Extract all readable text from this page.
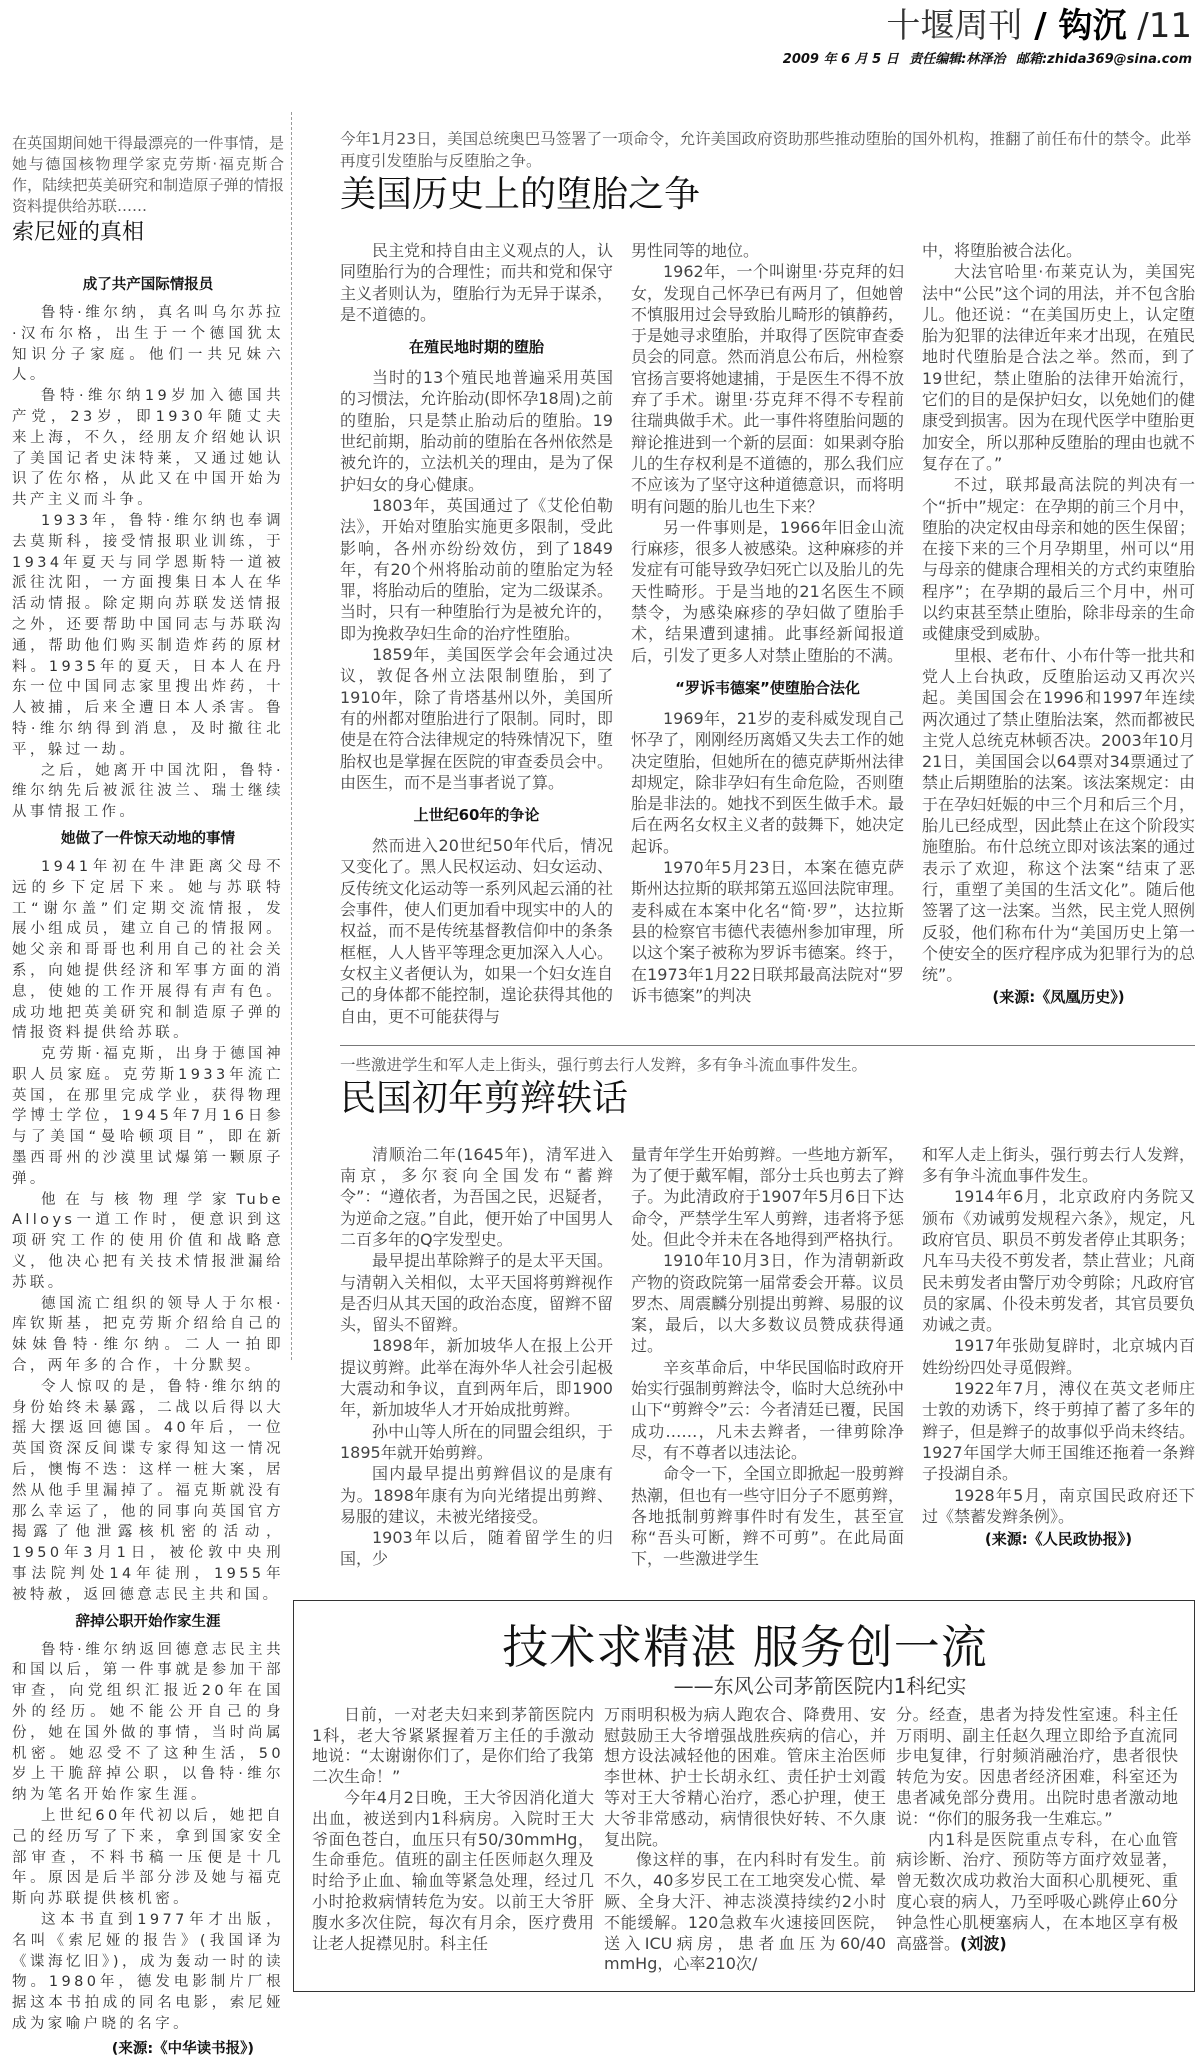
十堰周刊 / 钩沉 /11
2009 年 6 月 5 日 责任编辑:林泽治 邮箱:zhida369@sina.com
在英国期间她干得最漂亮的一件事情，是她与德国核物理学家克劳斯·福克斯合作，陆续把英美研究和制造原子弹的情报资料提供给苏联……
索尼娅的真相
成了共产国际情报员

鲁特·维尔纳，真名叫乌尔苏拉·汉布尔格，出生于一个德国犹太知识分子家庭。他们一共兄妹六人。

鲁特·维尔纳19岁加入德国共产党，23岁，即1930年随丈夫来上海，不久，经朋友介绍她认识了美国记者史沫特莱，又通过她认识了佐尔格，从此又在中国开始为共产主义而斗争。

1933年，鲁特·维尔纳也奉调去莫斯科，接受情报职业训练，于1934年夏天与同学恩斯特一道被派往沈阳，一方面搜集日本人在华活动情报。除定期向苏联发送情报之外，还要帮助中国同志与苏联沟通，帮助他们购买制造炸药的原材料。1935年的夏天，日本人在丹东一位中国同志家里搜出炸药，十人被捕，后来全遭日本人杀害。鲁特·维尔纳得到消息，及时撤往北平，躲过一劫。

之后，她离开中国沈阳，鲁特·维尔纳先后被派往波兰、瑞士继续从事情报工作。

她做了一件惊天动地的事情

1941年初在牛津距离父母不远的乡下定居下来。她与苏联特工“谢尔盖”们定期交流情报，发展小组成员，建立自己的情报网。她父亲和哥哥也利用自己的社会关系，向她提供经济和军事方面的消息，使她的工作开展得有声有色。成功地把英美研究和制造原子弹的情报资料提供给苏联。

克劳斯·福克斯，出身于德国神职人员家庭。克劳斯1933年流亡英国，在那里完成学业，获得物理学博士学位，1945年7月16日参与了美国“曼哈顿项目”，即在新墨西哥州的沙漠里试爆第一颗原子弹。

他在与核物理学家Tube Alloys一道工作时，便意识到这项研究工作的使用价值和战略意义，他决心把有关技术情报泄漏给苏联。

德国流亡组织的领导人于尔根·库钦斯基，把克劳斯介绍给自己的妹妹鲁特·维尔纳。二人一拍即合，两年多的合作，十分默契。

令人惊叹的是，鲁特·维尔纳的身份始终未暴露，二战以后得以大摇大摆返回德国。40年后，一位英国资深反间谍专家得知这一情况后，懊悔不迭：这样一桩大案，居然从他手里漏掉了。福克斯就没有那么幸运了，他的同事向英国官方揭露了他泄露核机密的活动，1950年3月1日，被伦敦中央刑事法院判处14年徒刑，1955年被特赦，返回德意志民主共和国。

辞掉公职开始作家生涯

鲁特·维尔纳返回德意志民主共和国以后，第一件事就是参加干部审查，向党组织汇报近20年在国外的经历。她不能公开自己的身份，她在国外做的事情，当时尚属机密。她忍受不了这种生活，50岁上干脆辞掉公职，以鲁特·维尔纳为笔名开始作家生涯。

上世纪60年代初以后，她把自己的经历写了下来，拿到国家安全部审查，不料书稿一压便是十几年。原因是后半部分涉及她与福克斯向苏联提供核机密。

这本书直到1977年才出版，名叫《索尼娅的报告》(我国译为《谍海忆旧》)，成为轰动一时的读物。1980年，德发电影制片厂根据这本书拍成的同名电影，索尼娅成为家喻户晓的名字。

(来源:《中华读书报》)
今年1月23日，美国总统奥巴马签署了一项命令，允许美国政府资助那些推动堕胎的国外机构，推翻了前任布什的禁令。此举再度引发堕胎与反堕胎之争。
美国历史上的堕胎之争

民主党和持自由主义观点的人，认同堕胎行为的合理性；而共和党和保守主义者则认为，堕胎行为无异于谋杀，是不道德的。

在殖民地时期的堕胎

当时的13个殖民地普遍采用英国的习惯法，允许胎动(即怀孕18周)之前的堕胎，只是禁止胎动后的堕胎。19世纪前期，胎动前的堕胎在各州依然是被允许的，立法机关的理由，是为了保护妇女的身心健康。

1803年，英国通过了《艾伦伯勒法》，开始对堕胎实施更多限制，受此影响，各州亦纷纷效仿，到了1849年，有20个州将胎动前的堕胎定为轻罪，将胎动后的堕胎，定为二级谋杀。当时，只有一种堕胎行为是被允许的，即为挽救孕妇生命的治疗性堕胎。

1859年，美国医学会年会通过决议，敦促各州立法限制堕胎，到了1910年，除了肯塔基州以外，美国所有的州都对堕胎进行了限制。同时，即使是在符合法律规定的特殊情况下，堕胎权也是掌握在医院的审查委员会中。由医生，而不是当事者说了算。

上世纪60年的争论

然而进入20世纪50年代后，情况又变化了。黑人民权运动、妇女运动、反传统文化运动等一系列风起云涌的社会事件，使人们更加看中现实中的人的权益，而不是传统基督教信仰中的条条框框，人人皆平等理念更加深入人心。女权主义者便认为，如果一个妇女连自己的身体都不能控制，遑论获得其他的自由，更不可能获得与

男性同等的地位。

1962年，一个叫谢里·芬克拜的妇女，发现自己怀孕已有两月了，但她曾不慎服用过会导致胎儿畸形的镇静药，于是她寻求堕胎，并取得了医院审查委员会的同意。然而消息公布后，州检察官扬言要将她逮捕，于是医生不得不放弃了手术。谢里·芬克拜不得不专程前往瑞典做手术。此一事件将堕胎问题的辩论推进到一个新的层面：如果剥夺胎儿的生存权利是不道德的，那么我们应不应该为了坚守这种道德意识，而将明明有问题的胎儿也生下来？

另一件事则是，1966年旧金山流行麻疹，很多人被感染。这种麻疹的并发症有可能导致孕妇死亡以及胎儿的先天性畸形。于是当地的21名医生不顾禁令，为感染麻疹的孕妇做了堕胎手术，结果遭到逮捕。此事经新闻报道后，引发了更多人对禁止堕胎的不满。

“罗诉韦德案”使堕胎合法化

1969年，21岁的麦科威发现自己怀孕了，刚刚经历离婚又失去工作的她决定堕胎，但她所在的德克萨斯州法律却规定，除非孕妇有生命危险，否则堕胎是非法的。她找不到医生做手术。最后在两名女权主义者的鼓舞下，她决定起诉。

1970年5月23日，本案在德克萨斯州达拉斯的联邦第五巡回法院审理。麦科威在本案中化名“简·罗”，达拉斯县的检察官韦德代表德州参加审理，所以这个案子被称为罗诉韦德案。终于，在1973年1月22日联邦最高法院对“罗诉韦德案”的判决

中，将堕胎被合法化。

大法官哈里·布莱克认为，美国宪法中“公民”这个词的用法，并不包含胎儿。他还说：“在美国历史上，认定堕胎为犯罪的法律近年来才出现，在殖民地时代堕胎是合法之举。然而，到了19世纪，禁止堕胎的法律开始流行，它们的目的是保护妇女，以免她们的健康受到损害。因为在现代医学中堕胎更加安全，所以那种反堕胎的理由也就不复存在了。”

不过，联邦最高法院的判决有一个“折中”规定：在孕期的前三个月中，堕胎的决定权由母亲和她的医生保留；在接下来的三个月孕期里，州可以“用与母亲的健康合理相关的方式约束堕胎程序”；在孕期的最后三个月中，州可以约束甚至禁止堕胎，除非母亲的生命或健康受到威胁。

里根、老布什、小布什等一批共和党人上台执政，反堕胎运动又再次兴起。美国国会在1996和1997年连续两次通过了禁止堕胎法案，然而都被民主党人总统克林顿否决。2003年10月21日，美国国会以64票对34票通过了禁止后期堕胎的法案。该法案规定：由于在孕妇妊娠的中三个月和后三个月，胎儿已经成型，因此禁止在这个阶段实施堕胎。布什总统立即对该法案的通过表示了欢迎，称这个法案“结束了恶行，重塑了美国的生活文化”。随后他签署了这一法案。当然，民主党人照例反驳，他们称布什为“美国历史上第一个使安全的医疗程序成为犯罪行为的总统”。

(来源:《凤凰历史》)
一些激进学生和军人走上街头，强行剪去行人发辫，多有争斗流血事件发生。
民国初年剪辫轶话

清顺治二年(1645年)，清军进入南京，多尔衮向全国发布“蓄辫令”：“遵依者，为吾国之民，迟疑者，为逆命之寇。”自此，便开始了中国男人二百多年的Q字发型史。

最早提出革除辫子的是太平天国。与清朝入关相似，太平天国将剪辫视作是否归从其天国的政治态度，留辫不留头，留头不留辫。

1898年，新加坡华人在报上公开提议剪辫。此举在海外华人社会引起极大震动和争议，直到两年后，即1900年，新加坡华人才开始成批剪辫。

孙中山等人所在的同盟会组织，于1895年就开始剪辫。

国内最早提出剪辫倡议的是康有为。1898年康有为向光绪提出剪辫、易服的建议，未被光绪接受。

1903年以后，随着留学生的归国，少

量青年学生开始剪辫。一些地方新军，为了便于戴军帽，部分士兵也剪去了辫子。为此清政府于1907年5月6日下达命令，严禁学生军人剪辫，违者将予惩处。但此令并未在各地得到严格执行。

1910年10月3日，作为清朝新政产物的资政院第一届常委会开幕。议员罗杰、周震麟分别提出剪辫、易服的议案，最后，以大多数议员赞成获得通过。

辛亥革命后，中华民国临时政府开始实行强制剪辫法令，临时大总统孙中山下“剪辫令”云：今者清廷已覆，民国成功……，凡未去辫者，一律剪除净尽，有不尊者以违法论。

命令一下，全国立即掀起一股剪辫热潮，但也有一些守旧分子不愿剪辫，各地抵制剪辫事件时有发生，甚至宣称“吾头可断，辫不可剪”。在此局面下，一些激进学生

和军人走上街头，强行剪去行人发辫，多有争斗流血事件发生。

1914年6月，北京政府内务院又颁布《劝诫剪发规程六条》，规定，凡政府官员、职员不剪发者停止其职务；凡车马夫役不剪发者，禁止营业；凡商民未剪发者由警厅劝令剪除；凡政府官员的家属、仆役未剪发者，其官员要负劝诫之责。

1917年张勋复辟时，北京城内百姓纷纷四处寻觅假辫。

1922年7月，溥仪在英文老师庄士敦的劝诱下，终于剪掉了蓄了多年的辫子，但是辫子的故事似乎尚未终结。1927年国学大师王国维还拖着一条辫子投湖自杀。

1928年5月，南京国民政府还下过《禁蓄发辫条例》。

(来源:《人民政协报》)
技术求精湛 服务创一流
——东风公司茅箭医院内1科纪实

日前，一对老夫妇来到茅箭医院内1科，老大爷紧紧握着万主任的手激动地说：“太谢谢你们了，是你们给了我第二次生命！”

今年4月2日晚，王大爷因消化道大出血，被送到内1科病房。入院时王大爷面色苍白，血压只有50/30mmHg，生命垂危。值班的副主任医师赵久理及时给予止血、输血等紧急处理，经过几小时抢救病情转危为安。以前王大爷肝腹水多次住院，每次有月余，医疗费用让老人捉襟见肘。科主任

万雨明积极为病人跑农合、降费用、安慰鼓励王大爷增强战胜疾病的信心，并想方设法减轻他的困难。管床主治医师李世林、护士长胡永红、责任护士刘霞等对王大爷精心治疗，悉心护理，使王大爷非常感动，病情很快好转、不久康复出院。

像这样的事，在内科时有发生。前不久，40多岁民工在工地突发心慌、晕厥、全身大汗、神志淡漠持续约2小时不能缓解。120急救车火速接回医院，送入ICU病房，患者血压为60/40 mmHg，心率210次/

分。经查，患者为持发性室速。科主任万雨明、副主任赵久理立即给予直流同步电复律，行射频消融治疗，患者很快转危为安。因患者经济困难，科室还为患者减免部分费用。出院时患者激动地说：“你们的服务我一生难忘。”

内1科是医院重点专科，在心血管病诊断、治疗、预防等方面疗效显著，曾无数次成功救治大面积心肌梗死、重度心衰的病人，乃至呼吸心跳停止60分钟急性心肌梗塞病人，在本地区享有极高盛誉。(刘波)
